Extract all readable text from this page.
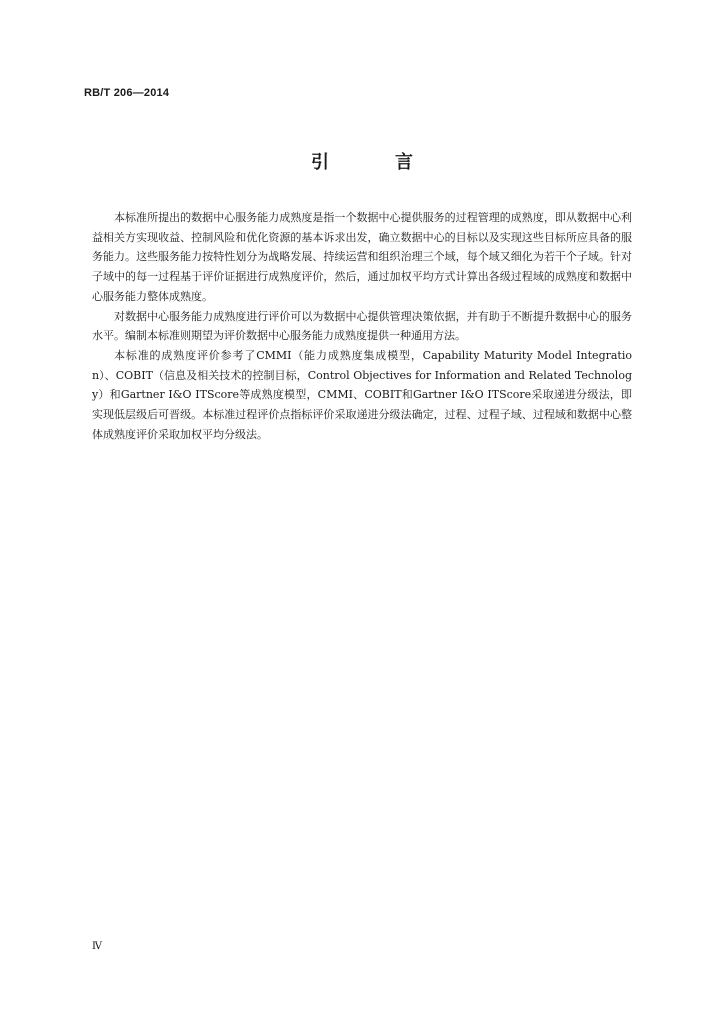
RB/T 206—2014
引　言

本标准所提出的数据中心服务能力成熟度是指一个数据中心提供服务的过程管理的成熟度，即从数据中心利益相关方实现收益、控制风险和优化资源的基本诉求出发，确立数据中心的目标以及实现这些目标所应具备的服务能力。这些服务能力按特性划分为战略发展、持续运营和组织治理三个域，每个域又细化为若干个子域。针对子域中的每一过程基于评价证据进行成熟度评价，然后，通过加权平均方式计算出各级过程域的成熟度和数据中心服务能力整体成熟度。

对数据中心服务能力成熟度进行评价可以为数据中心提供管理决策依据，并有助于不断提升数据中心的服务水平。编制本标准则期望为评价数据中心服务能力成熟度提供一种通用方法。

本标准的成熟度评价参考了CMMI（能力成熟度集成模型，Capability Maturity Model Integration）、COBIT（信息及相关技术的控制目标，Control Objectives for Information and Related Technology）和Gartner I&O ITScore等成熟度模型，CMMI、COBIT和Gartner I&O ITScore采取递进分级法，即实现低层级后可晋级。本标准过程评价点指标评价采取递进分级法确定，过程、过程子域、过程域和数据中心整体成熟度评价采取加权平均分级法。

Ⅳ
